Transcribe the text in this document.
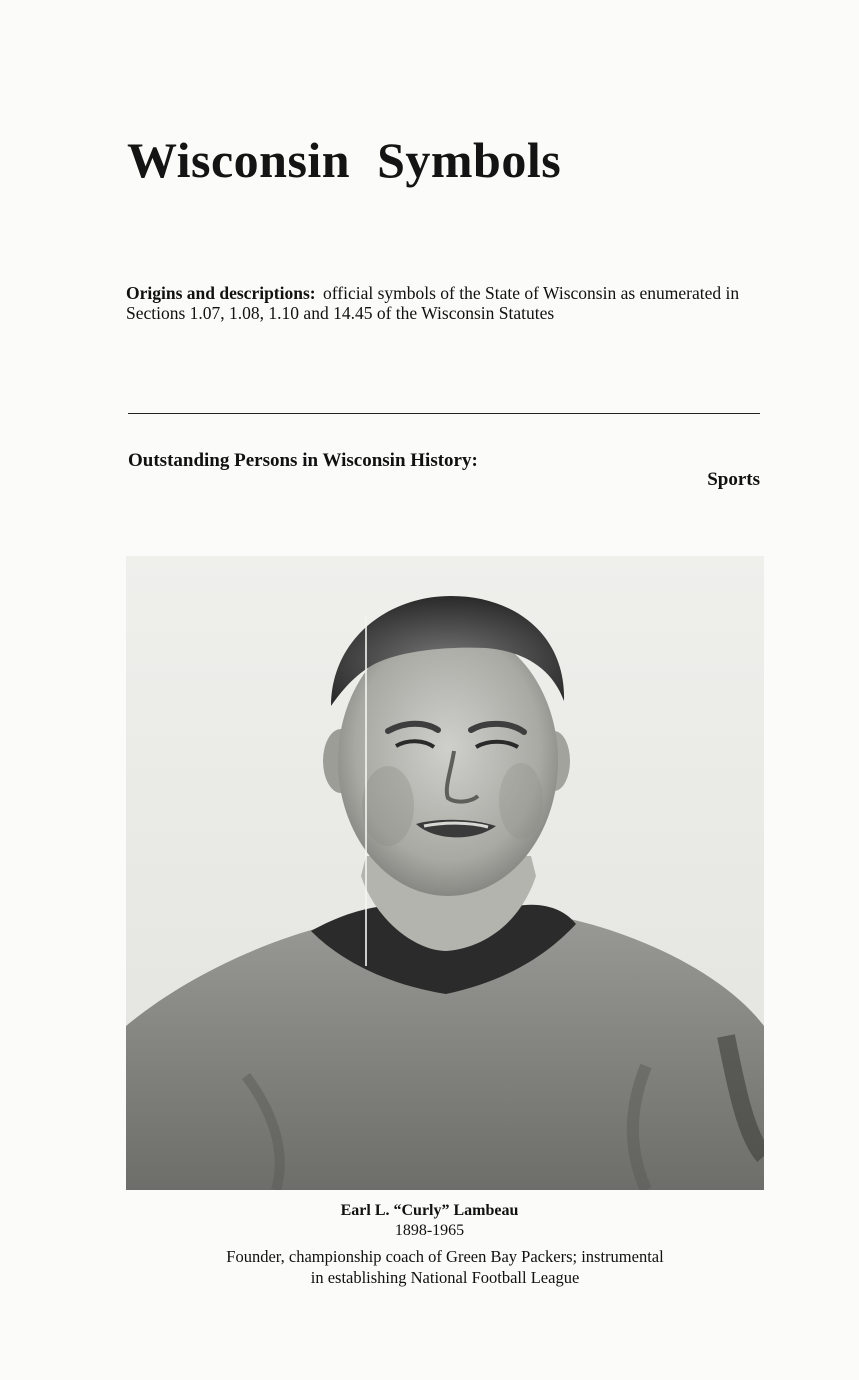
Wisconsin Symbols
Origins and descriptions: official symbols of the State of Wisconsin as enumerated in Sections 1.07, 1.08, 1.10 and 14.45 of the Wisconsin Statutes
Outstanding Persons in Wisconsin History:
Sports
Earl L. “Curly” Lambeau
1898-1965
Founder, championship coach of Green Bay Packers; instrumental
in establishing National Football League
